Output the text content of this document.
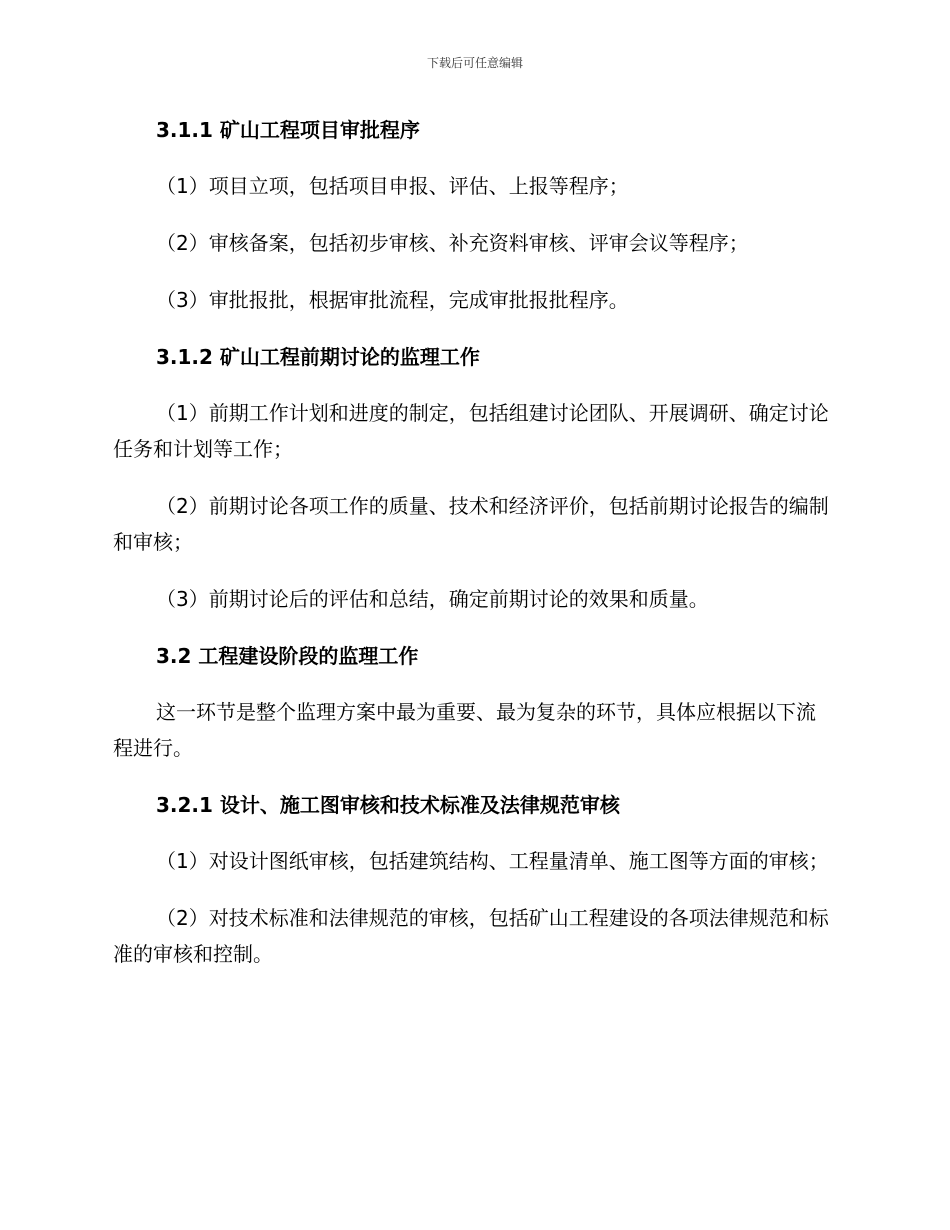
下载后可任意编辑
3.1.1 矿山工程项目审批程序

（1）项目立项，包括项目申报、评估、上报等程序；

（2）审核备案，包括初步审核、补充资料审核、评审会议等程序；

（3）审批报批，根据审批流程，完成审批报批程序。

3.1.2 矿山工程前期讨论的监理工作

（1）前期工作计划和进度的制定，包括组建讨论团队、开展调研、确定讨论任务和计划等工作；

（2）前期讨论各项工作的质量、技术和经济评价，包括前期讨论报告的编制和审核；

（3）前期讨论后的评估和总结，确定前期讨论的效果和质量。

3.2 工程建设阶段的监理工作

这一环节是整个监理方案中最为重要、最为复杂的环节，具体应根据以下流程进行。

3.2.1 设计、施工图审核和技术标准及法律规范审核

（1）对设计图纸审核，包括建筑结构、工程量清单、施工图等方面的审核；

（2）对技术标准和法律规范的审核，包括矿山工程建设的各项法律规范和标准的审核和控制。
